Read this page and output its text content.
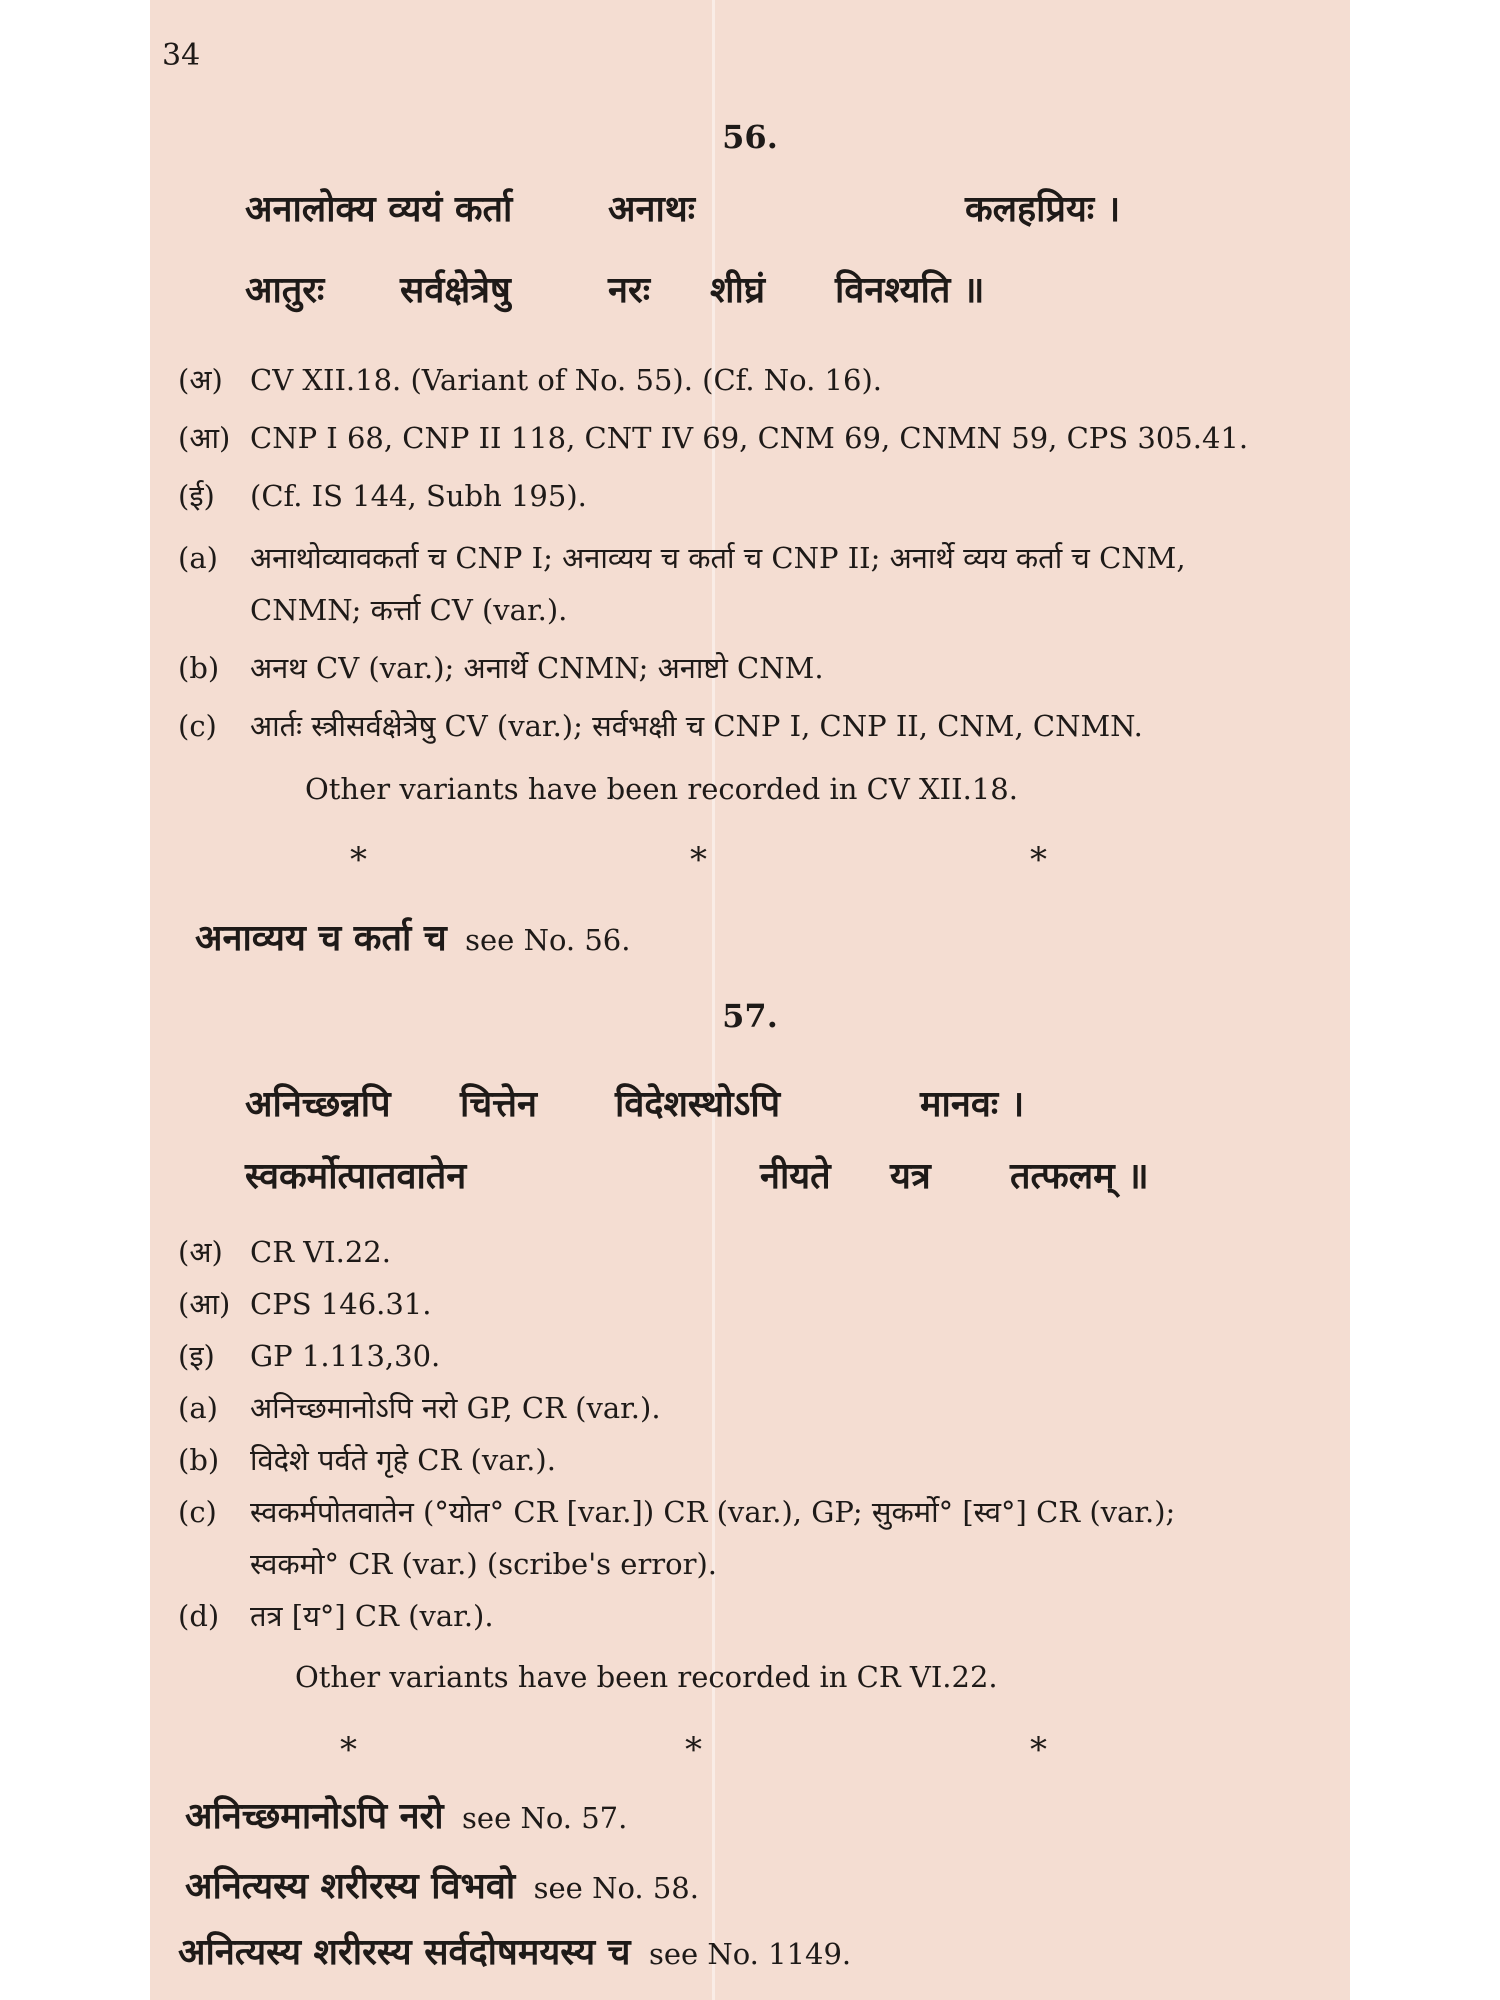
34
56.
अनालोक्य व्ययं कर्ता	अनाथः	कलहप्रियः ।
आतुरः सर्वक्षेत्रेषु	नरः शीघ्रं विनश्यति ॥
(अ) CV XII.18. (Variant of No. 55). (Cf. No. 16).
(आ) CNP I 68, CNP II 118, CNT IV 69, CNM 69, CNMN 59, CPS 305.41.
(ई) (Cf. IS 144, Subh 195).
(a) अनाथोव्यावकर्ता च CNP I; अनाव्यय च कर्ता च CNP II; अनार्थे व्यय कर्ता च CNM,
CNMN; कर्त्ता CV (var.).
(b) अनथ CV (var.); अनार्थे CNMN; अनाष्टो CNM.
(c) आर्तः स्त्रीसर्वक्षेत्रेषु CV (var.); सर्वभक्षी च CNP I, CNP II, CNM, CNMN.
Other variants have been recorded in CV XII.18.
*	*	*
अनाव्यय च कर्ता च see No. 56.
57.
अनिच्छन्नपि चित्तेन विदेशस्थोऽपि	मानवः ।
स्वकर्मोत्पातवातेन	नीयते यत्र तत्फलम् ॥
(अ) CR VI.22.
(आ) CPS 146.31.
(इ) GP 1.113,30.
(a) अनिच्छमानोऽपि नरो GP, CR (var.).
(b) विदेशे पर्वते गृहे CR (var.).
(c) स्वकर्मपोतवातेन (°योत° CR [var.]) CR (var.), GP; सुकर्मो° [स्व°] CR (var.);
स्वकमो° CR (var.) (scribe's error).
(d) तत्र [य°] CR (var.).
Other variants have been recorded in CR VI.22.
*	*	*
अनिच्छमानोऽपि नरो see No. 57.
अनित्यस्य शरीरस्य विभवो see No. 58.
अनित्यस्य शरीरस्य सर्वदोषमयस्य च see No. 1149.
